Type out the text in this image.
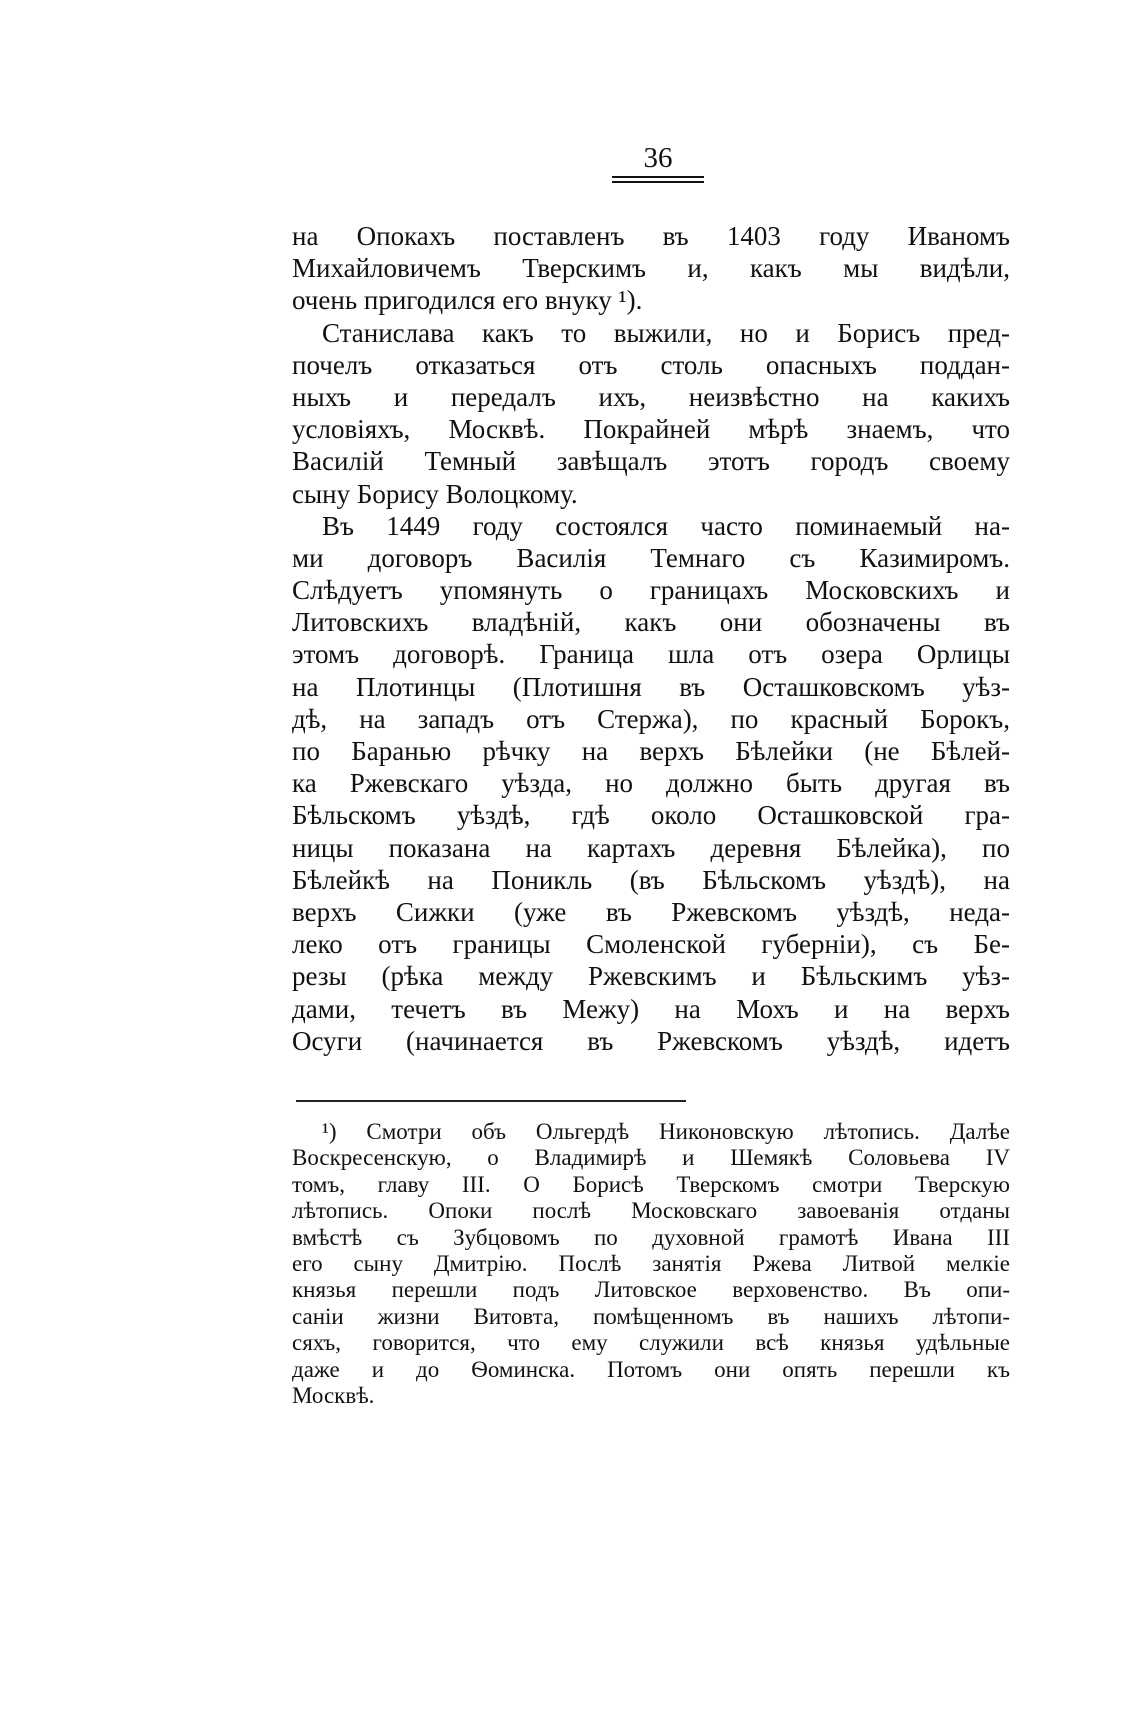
36
на Опокахъ поставленъ въ 1403 году Иваномъ
Михайловичемъ Тверскимъ и, какъ мы видѣли,
очень пригодился его внуку ¹).
Станислава какъ то выжили, но и Борисъ пред-
почелъ отказаться отъ столь опасныхъ поддан-
ныхъ и передалъ ихъ, неизвѣстно на какихъ
условіяхъ, Москвѣ. Покрайней мѣрѣ знаемъ, что
Василій Темный завѣщалъ этотъ городъ своему
сыну Борису Волоцкому.
Въ 1449 году состоялся часто поминаемый на-
ми договоръ Василія Темнаго съ Казимиромъ.
Слѣдуетъ упомянуть о границахъ Московскихъ и
Литовскихъ владѣній, какъ они обозначены въ
этомъ договорѣ. Граница шла отъ озера Орлицы
на Плотинцы (Плотишня въ Осташковскомъ уѣз-
дѣ, на западъ отъ Стержа), по красный Борокъ,
по Баранью рѣчку на верхъ Бѣлейки (не Бѣлей-
ка Ржевскаго уѣзда, но должно быть другая въ
Бѣльскомъ уѣздѣ, гдѣ около Осташковской гра-
ницы показана на картахъ деревня Бѣлейка), по
Бѣлейкѣ на Поникль (въ Бѣльскомъ уѣздѣ), на
верхъ Сижки (уже въ Ржевскомъ уѣздѣ, неда-
леко отъ границы Смоленской губерніи), съ Бе-
резы (рѣка между Ржевскимъ и Бѣльскимъ уѣз-
дами, течетъ въ Межу) на Мохъ и на верхъ
Осуги (начинается въ Ржевскомъ уѣздѣ, идетъ
¹) Смотри объ Ольгердѣ Никоновскую лѣтопись. Далѣе
Воскресенскую, о Владимирѣ и Шемякѣ Соловьева IV
томъ, главу III. О Борисѣ Тверскомъ смотри Тверскую
лѣтопись. Опоки послѣ Московскаго завоеванія отданы
вмѣстѣ съ Зубцовомъ по духовной грамотѣ Ивана III
его сыну Дмитрію. Послѣ занятія Ржева Литвой мелкіе
князья перешли подъ Литовское верховенство. Въ опи-
саніи жизни Витовта, помѣщенномъ въ нашихъ лѣтопи-
сяхъ, говорится, что ему служили всѣ князья удѣльные
даже и до Ѳоминска. Потомъ они опять перешли къ
Москвѣ.
